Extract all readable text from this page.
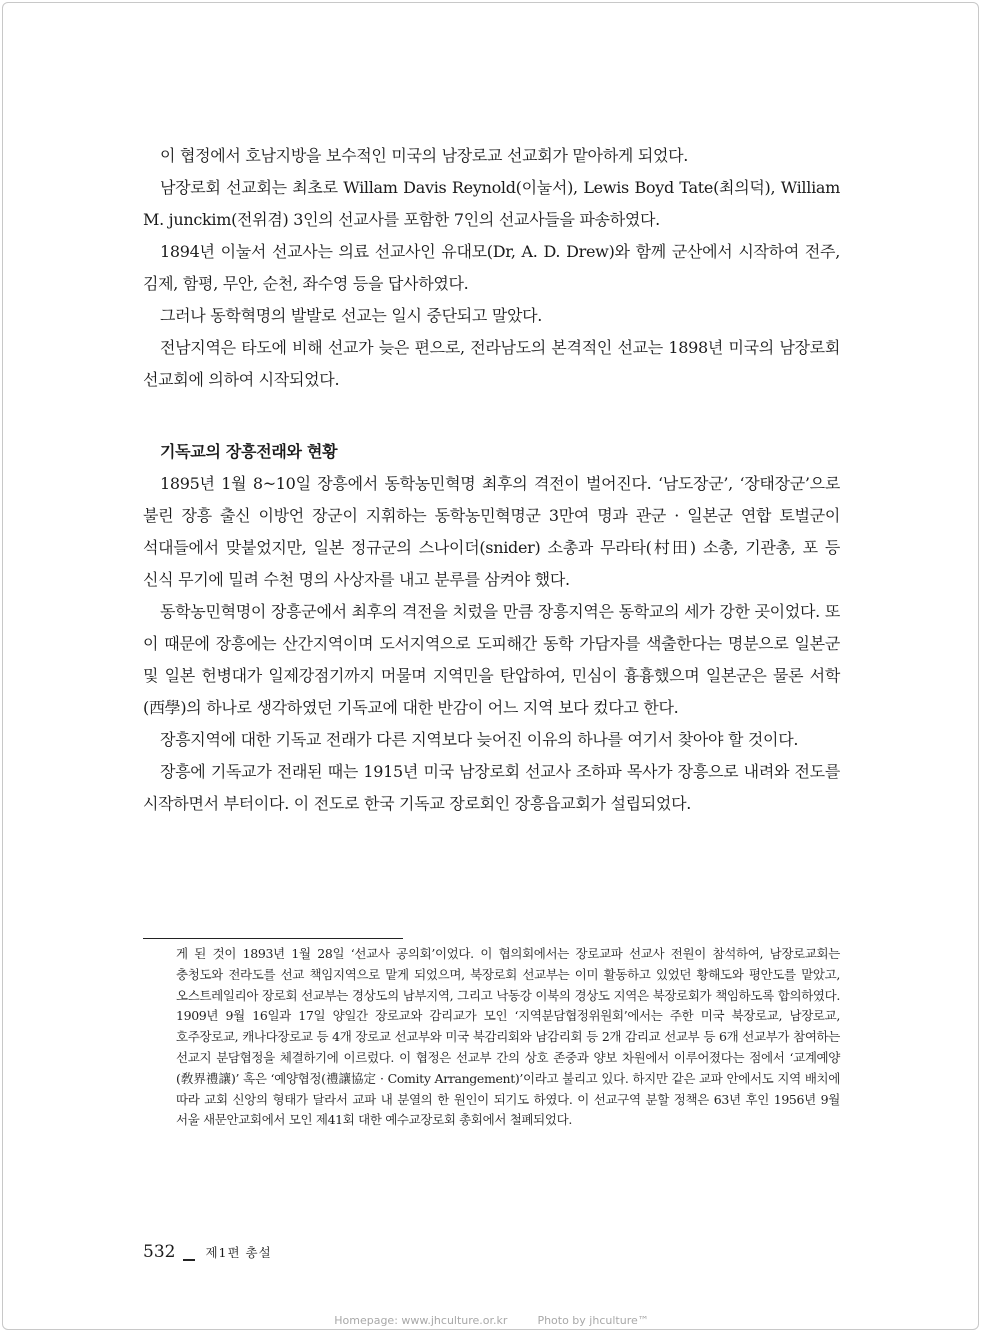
이 협정에서 호남지방을 보수적인 미국의 남장로교 선교회가 맡아하게 되었다.

남장로회 선교회는 최초로 Willam Davis Reynold(이눌서), Lewis Boyd Tate(최의덕), William M. junckim(전위겸) 3인의 선교사를 포함한 7인의 선교사들을 파송하였다.

1894년 이눌서 선교사는 의료 선교사인 유대모(Dr, A. D. Drew)와 함께 군산에서 시작하여 전주, 김제, 함평, 무안, 순천, 좌수영 등을 답사하였다.

그러나 동학혁명의 발발로 선교는 일시 중단되고 말았다.

전남지역은 타도에 비해 선교가 늦은 편으로, 전라남도의 본격적인 선교는 1898년 미국의 남장로회 선교회에 의하여 시작되었다.

기독교의 장흥전래와 현황

1895년 1월 8~10일 장흥에서 동학농민혁명 최후의 격전이 벌어진다. ‘남도장군’, ‘장태장군’으로 불린 장흥 출신 이방언 장군이 지휘하는 동학농민혁명군 3만여 명과 관군 · 일본군 연합 토벌군이 석대들에서 맞붙었지만, 일본 정규군의 스나이더(snider) 소총과 무라타(村田) 소총, 기관총, 포 등 신식 무기에 밀려 수천 명의 사상자를 내고 분루를 삼켜야 했다.

동학농민혁명이 장흥군에서 최후의 격전을 치렀을 만큼 장흥지역은 동학교의 세가 강한 곳이었다. 또 이 때문에 장흥에는 산간지역이며 도서지역으로 도피해간 동학 가담자를 색출한다는 명분으로 일본군 및 일본 헌병대가 일제강점기까지 머물며 지역민을 탄압하여, 민심이 흉흉했으며 일본군은 물론 서학(西學)의 하나로 생각하였던 기독교에 대한 반감이 어느 지역 보다 컸다고 한다.

장흥지역에 대한 기독교 전래가 다른 지역보다 늦어진 이유의 하나를 여기서 찾아야 할 것이다.

장흥에 기독교가 전래된 때는 1915년 미국 남장로회 선교사 조하파 목사가 장흥으로 내려와 전도를 시작하면서 부터이다. 이 전도로 한국 기독교 장로회인 장흥읍교회가 설립되었다.

게 된 것이 1893년 1월 28일 ‘선교사 공의회’이었다. 이 협의회에서는 장로교파 선교사 전원이 참석하여, 남장로교회는 충청도와 전라도를 선교 책임지역으로 맡게 되었으며, 북장로회 선교부는 이미 활동하고 있었던 황해도와 평안도를 맡았고, 오스트레일리아 장로회 선교부는 경상도의 남부지역, 그리고 낙동강 이북의 경상도 지역은 북장로회가 책임하도록 합의하였다. 1909년 9월 16일과 17일 양일간 장로교와 감리교가 모인 ‘지역분담협정위원회’에서는 주한 미국 북장로교, 남장로교, 호주장로교, 캐나다장로교 등 4개 장로교 선교부와 미국 북감리회와 남감리회 등 2개 감리교 선교부 등 6개 선교부가 참여하는 선교지 분담협정을 체결하기에 이르렀다. 이 협정은 선교부 간의 상호 존중과 양보 차원에서 이루어졌다는 점에서 ‘교계예양(敎界禮讓)’ 혹은 ‘예양협정(禮讓協定 · Comity Arrangement)’이라고 불리고 있다. 하지만 같은 교파 안에서도 지역 배치에 따라 교회 신앙의 형태가 달라서 교파 내 분열의 한 원인이 되기도 하였다. 이 선교구역 분할 정책은 63년 후인 1956년 9월 서울 새문안교회에서 모인 제41회 대한 예수교장로회 총회에서 철폐되었다.

532 제1편 총설
Homepage: www.jhculture.or.kr	Photo by jhculture™
